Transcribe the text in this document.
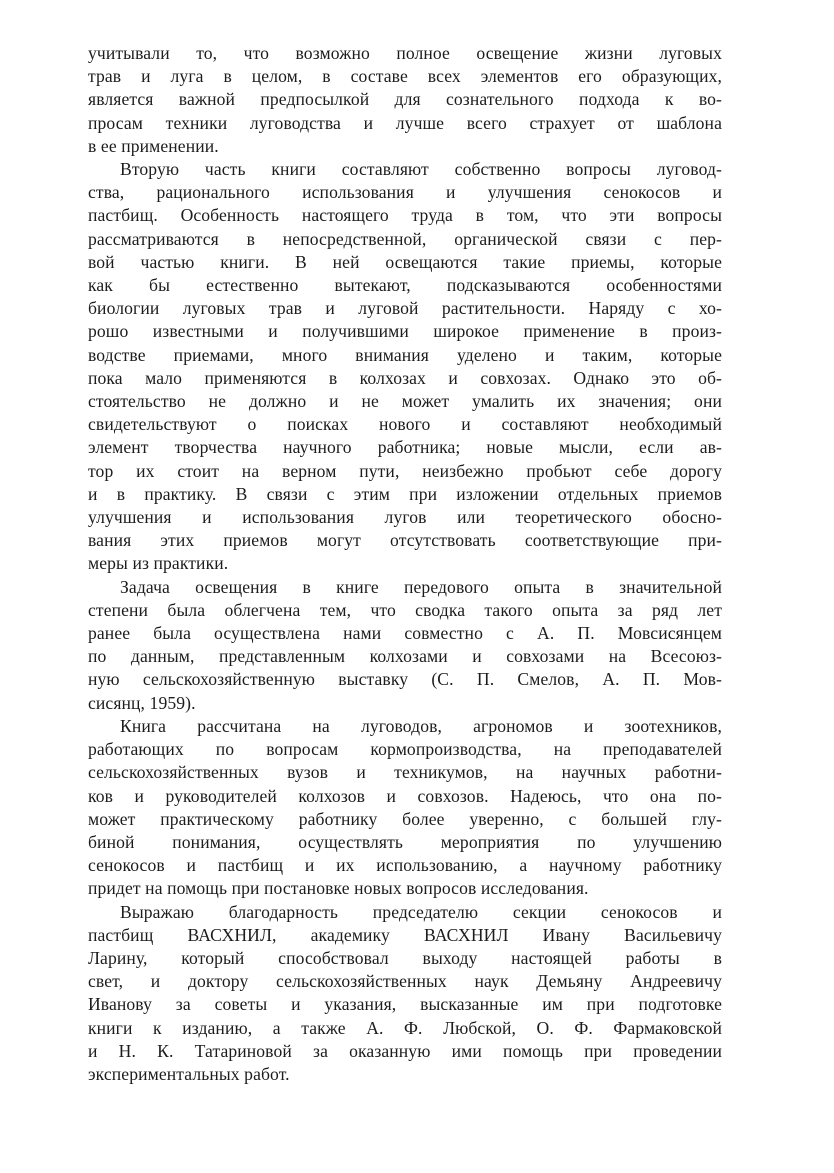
учитывали то, что возможно полное освещение жизни луговых
трав и луга в целом, в составе всех элементов его образующих,
является важной предпосылкой для сознательного подхода к во-
просам техники луговодства и лучше всего страхует от шаблона
в ее применении.
Вторую часть книги составляют собственно вопросы луговод-
ства, рационального использования и улучшения сенокосов и
пастбищ. Особенность настоящего труда в том, что эти вопросы
рассматриваются в непосредственной, органической связи с пер-
вой частью книги. В ней освещаются такие приемы, которые
как бы естественно вытекают, подсказываются особенностями
биологии луговых трав и луговой растительности. Наряду с хо-
рошо известными и получившими широкое применение в произ-
водстве приемами, много внимания уделено и таким, которые
пока мало применяются в колхозах и совхозах. Однако это об-
стоятельство не должно и не может умалить их значения; они
свидетельствуют о поисках нового и составляют необходимый
элемент творчества научного работника; новые мысли, если ав-
тор их стоит на верном пути, неизбежно пробьют себе дорогу
и в практику. В связи с этим при изложении отдельных приемов
улучшения и использования лугов или теоретического обосно-
вания этих приемов могут отсутствовать соответствующие при-
меры из практики.
Задача освещения в книге передового опыта в значительной
степени была облегчена тем, что сводка такого опыта за ряд лет
ранее была осуществлена нами совместно с А. П. Мовсисянцем
по данным, представленным колхозами и совхозами на Всесоюз-
ную сельскохозяйственную выставку (С. П. Смелов, А. П. Мов-
сисянц, 1959).
Книга рассчитана на луговодов, агрономов и зоотехников,
работающих по вопросам кормопроизводства, на преподавателей
сельскохозяйственных вузов и техникумов, на научных работни-
ков и руководителей колхозов и совхозов. Надеюсь, что она по-
может практическому работнику более уверенно, с большей глу-
биной понимания, осуществлять мероприятия по улучшению
сенокосов и пастбищ и их использованию, а научному работнику
придет на помощь при постановке новых вопросов исследования.
Выражаю благодарность председателю секции сенокосов и
пастбищ ВАСХНИЛ, академику ВАСХНИЛ Ивану Васильевичу
Ларину, который способствовал выходу настоящей работы в
свет, и доктору сельскохозяйственных наук Демьяну Андреевичу
Иванову за советы и указания, высказанные им при подготовке
книги к изданию, а также А. Ф. Любской, О. Ф. Фармаковской
и Н. К. Татариновой за оказанную ими помощь при проведении
экспериментальных работ.
